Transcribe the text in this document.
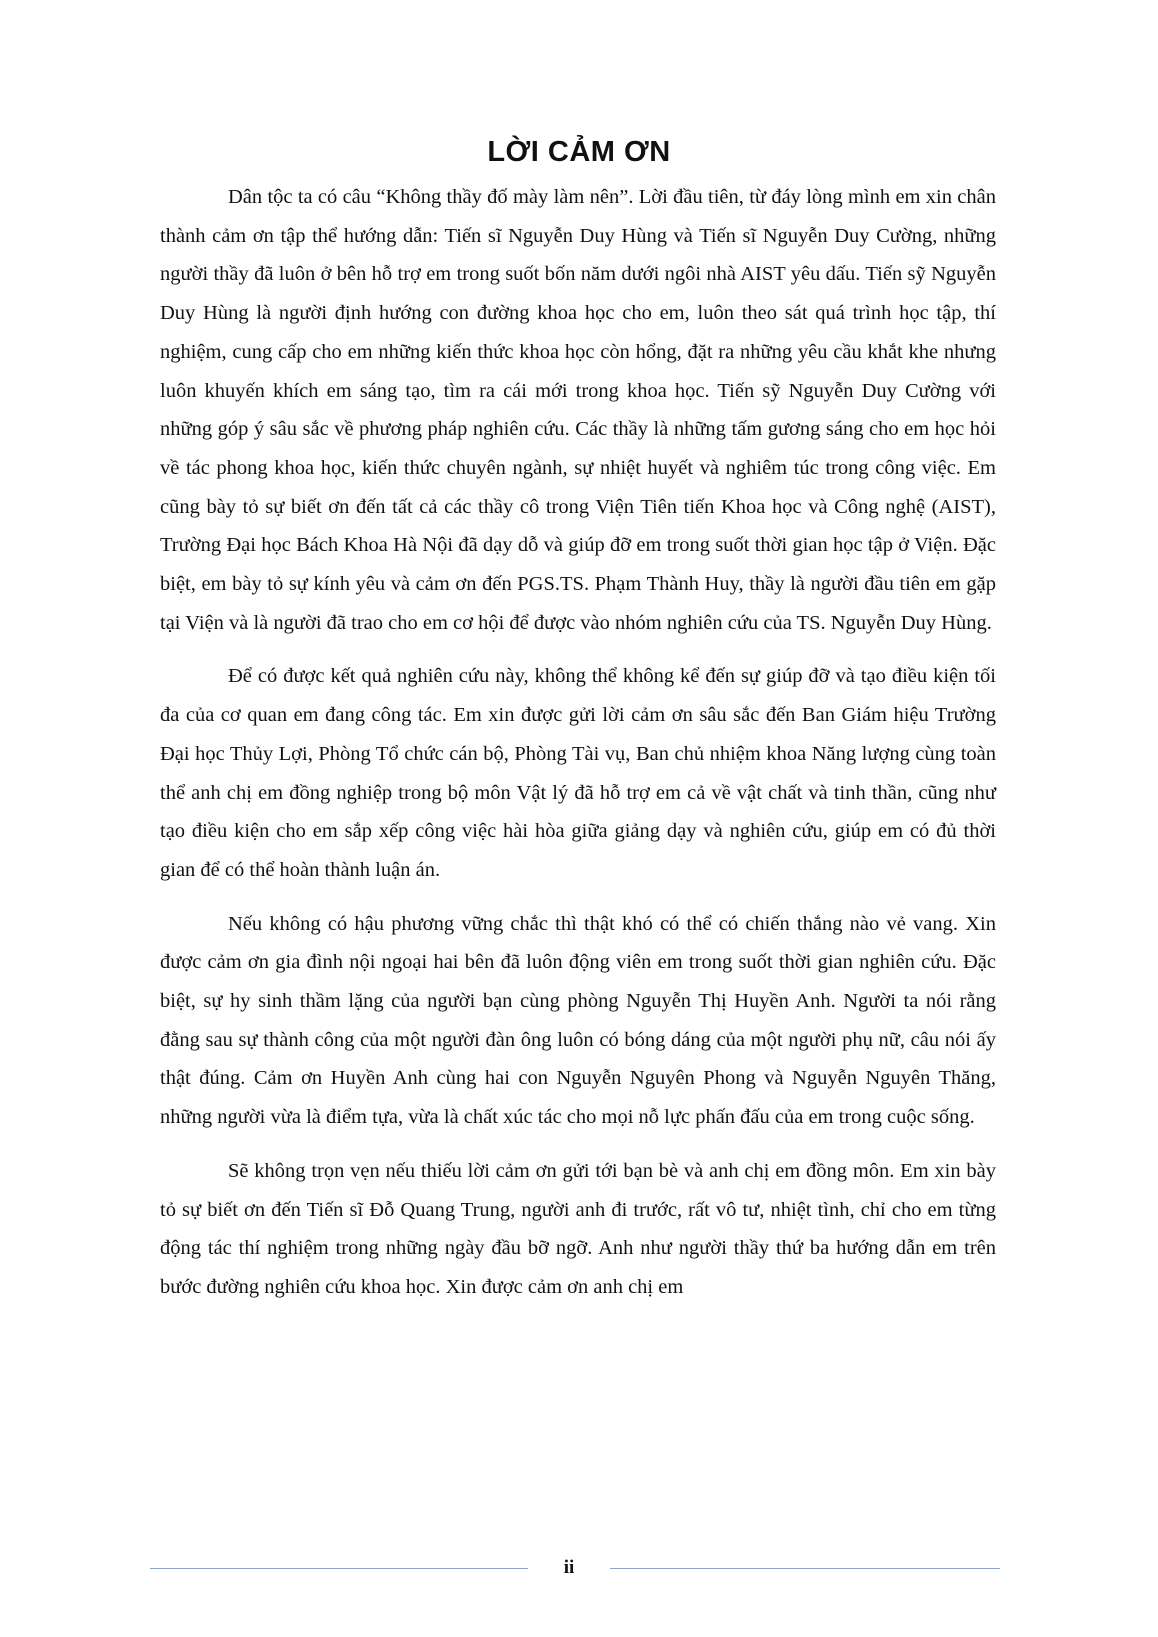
LỜI CẢM ƠN

Dân tộc ta có câu “Không thầy đố mày làm nên”. Lời đầu tiên, từ đáy lòng mình em xin chân thành cảm ơn tập thể hướng dẫn: Tiến sĩ Nguyễn Duy Hùng và Tiến sĩ Nguyễn Duy Cường, những người thầy đã luôn ở bên hỗ trợ em trong suốt bốn năm dưới ngôi nhà AIST yêu dấu. Tiến sỹ Nguyễn Duy Hùng là người định hướng con đường khoa học cho em, luôn theo sát quá trình học tập, thí nghiệm, cung cấp cho em những kiến thức khoa học còn hổng, đặt ra những yêu cầu khắt khe nhưng luôn khuyến khích em sáng tạo, tìm ra cái mới trong khoa học. Tiến sỹ Nguyễn Duy Cường với những góp ý sâu sắc về phương pháp nghiên cứu. Các thầy là những tấm gương sáng cho em học hỏi về tác phong khoa học, kiến thức chuyên ngành, sự nhiệt huyết và nghiêm túc trong công việc. Em cũng bày tỏ sự biết ơn đến tất cả các thầy cô trong Viện Tiên tiến Khoa học và Công nghệ (AIST), Trường Đại học Bách Khoa Hà Nội đã dạy dỗ và giúp đỡ em trong suốt thời gian học tập ở Viện. Đặc biệt, em bày tỏ sự kính yêu và cảm ơn đến PGS.TS. Phạm Thành Huy, thầy là người đầu tiên em gặp tại Viện và là người đã trao cho em cơ hội để được vào nhóm nghiên cứu của TS. Nguyễn Duy Hùng.

Để có được kết quả nghiên cứu này, không thể không kể đến sự giúp đỡ và tạo điều kiện tối đa của cơ quan em đang công tác. Em xin được gửi lời cảm ơn sâu sắc đến Ban Giám hiệu Trường Đại học Thủy Lợi, Phòng Tổ chức cán bộ, Phòng Tài vụ, Ban chủ nhiệm khoa Năng lượng cùng toàn thể anh chị em đồng nghiệp trong bộ môn Vật lý đã hỗ trợ em cả về vật chất và tinh thần, cũng như tạo điều kiện cho em sắp xếp công việc hài hòa giữa giảng dạy và nghiên cứu, giúp em có đủ thời gian để có thể hoàn thành luận án.

Nếu không có hậu phương vững chắc thì thật khó có thể có chiến thắng nào vẻ vang. Xin được cảm ơn gia đình nội ngoại hai bên đã luôn động viên em trong suốt thời gian nghiên cứu. Đặc biệt, sự hy sinh thầm lặng của người bạn cùng phòng Nguyễn Thị Huyền Anh. Người ta nói rằng đằng sau sự thành công của một người đàn ông luôn có bóng dáng của một người phụ nữ, câu nói ấy thật đúng. Cảm ơn Huyền Anh cùng hai con Nguyễn Nguyên Phong và Nguyễn Nguyên Thăng, những người vừa là điểm tựa, vừa là chất xúc tác cho mọi nỗ lực phấn đấu của em trong cuộc sống.

Sẽ không trọn vẹn nếu thiếu lời cảm ơn gửi tới bạn bè và anh chị em đồng môn. Em xin bày tỏ sự biết ơn đến Tiến sĩ Đỗ Quang Trung, người anh đi trước, rất vô tư, nhiệt tình, chỉ cho em từng động tác thí nghiệm trong những ngày đầu bỡ ngỡ. Anh như người thầy thứ ba hướng dẫn em trên bước đường nghiên cứu khoa học. Xin được cảm ơn anh chị em

ii
